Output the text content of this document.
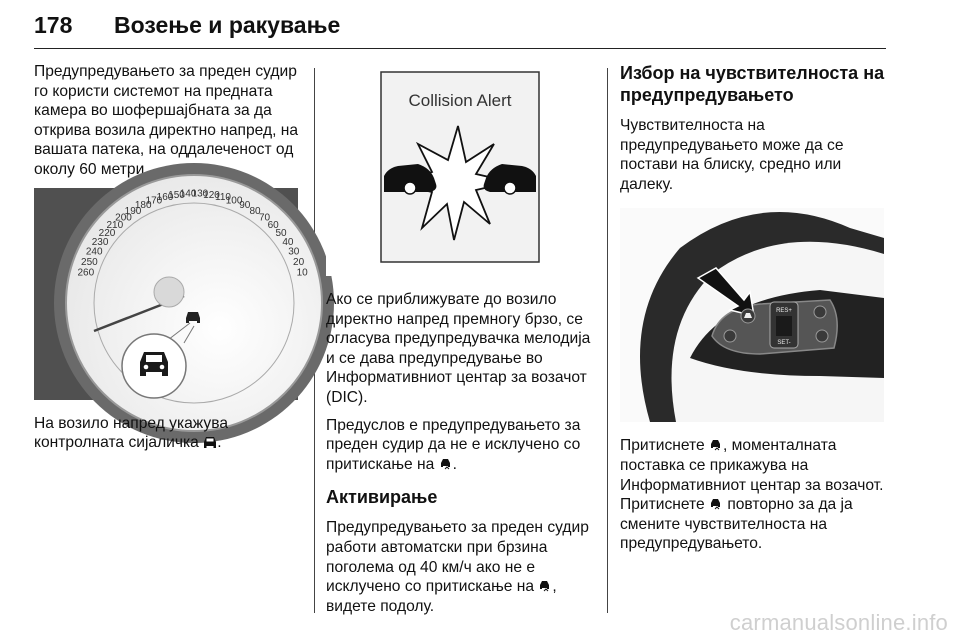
178 Возење и ракување

Предупредувањето за преден судир го користи системот на предната камера во шофершајбната за да открива возила директно напред, на вашата патека, на оддалеченост од околу 60 метри.

10
20
30
40
50
60
70
80
90
100
110
120
130
140
150
160
170
180
190
200
210
220
230
240
250
260

На возило напред укажува контролната сијаличка .

Collision Alert

Ако се приближувате до возило директно напред премногу брзо, се огласува предупредувачка мелодија и се дава предупредување во Информативниот центар за возачот (DIC).

Предуслов е предупредувањето за преден судир да не е исклучено со притискање на .

Активирање

Предупредувањето за преден судир работи автоматски при брзина поголема од 40 км/ч ако не е исклучено со притискање на , видете подолу.

Избор на чувствителноста на предупредувањето

Чувствителноста на предупредувањето може да се постави на блиску, средно или далеку.

RES+
SET-

Притиснете , моменталната поставка се прикажува на Информативниот центар за возачот. Притиснете  повторно за да ја смените чувствителноста на предупредувањето.

carmanualsonline.info
